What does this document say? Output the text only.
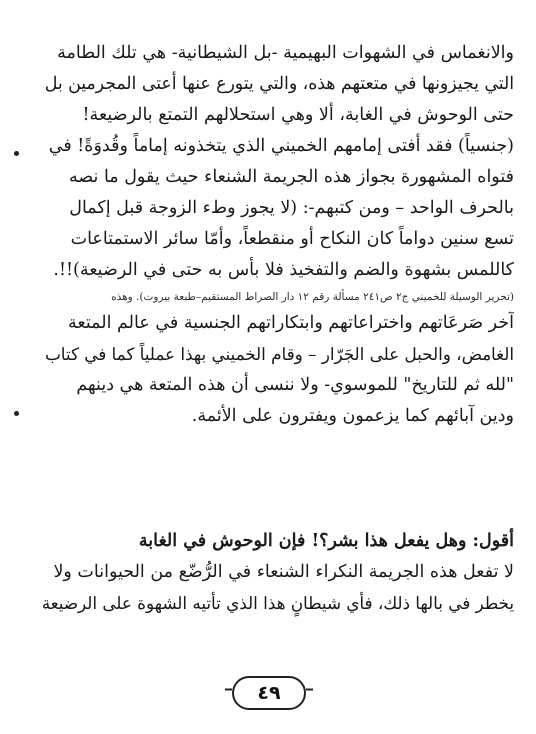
والانغماس في الشهوات البهيمية -بل الشيطانية- هي تلك الطامة
التي يجيزونها في متعتهم هذه، والتي يتورع عنها أعتى المجرمين بل
حتى الوحوش في الغابة، ألا وهي استحلالهم التمتع بالرضيعة!
(جنسياً) فقد أفتى إمامهم الخميني الذي يتخذونه إماماً وقُدوَةً! في
فتواه المشهورة بجواز هذه الجريمة الشنعاء حيث يقول ما نصه
بالحرف الواحد – ومن كتبهم-: (لا يجوز وطء الزوجة قبل إكمال
تسع سنين دواماً كان النكاح أو منقطعاً، وأمّا سائر الاستمتاعات
كاللمس بشهوة والضم والتفخيذ فلا بأس به حتى في الرضيعة)!!.
(تحرير الوسيلة للخميني ج٢ ص٢٤١ مسألة رقم ١٢ دار الصراط المستقيم–طبعة بيروت). وهذه
آخر صَرعَاتهم واختراعاتهم وابتكاراتهم الجنسية في عالم المتعة
الغامض، والحبل على الجَرّار – وقام الخميني بهذا عملياً كما في كتاب
"لله ثم للتاريخ" للموسوي- ولا ننسى أن هذه المتعة هي دينهم
ودين آبائهم كما يزعمون ويفترون على الأئمة.
أقول: وهل يفعل هذا بشر؟! فإن الوحوش في الغابة
لا تفعل هذه الجريمة النكراء الشنعاء في الرُّضّع من الحيوانات ولا
يخطر في بالها ذلك، فأي شيطانٍ هذا الذي تأتيه الشهوة على الرضيعة
٤٩
